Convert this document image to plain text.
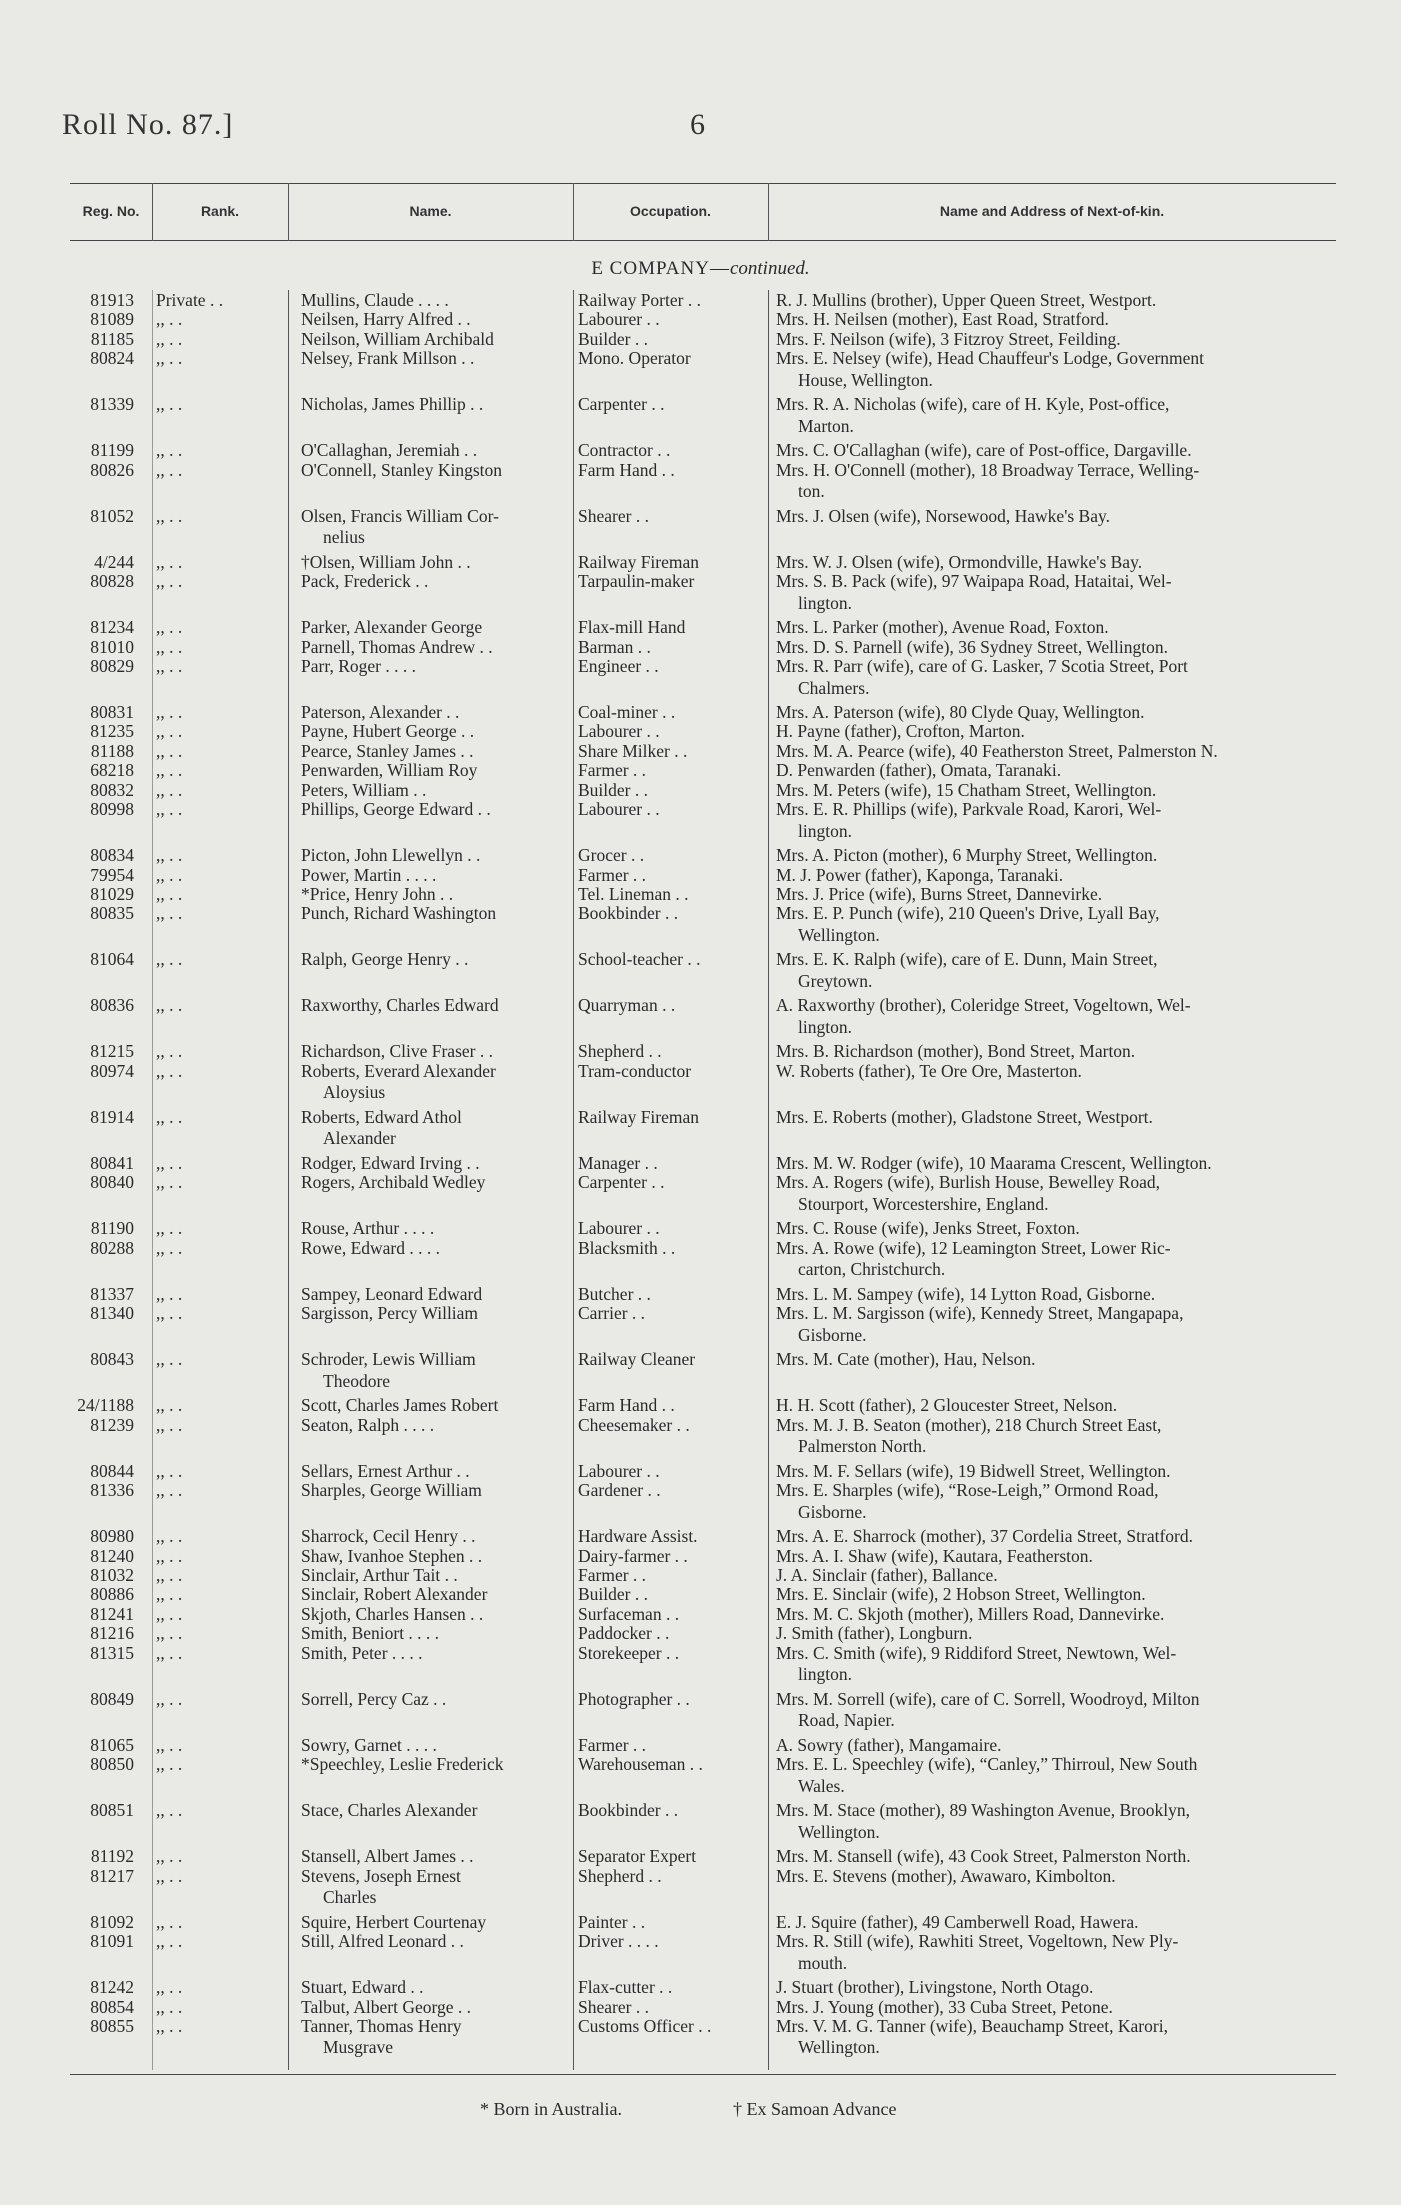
Roll No. 87.]	6
Reg. No.	Rank.	Name.	Occupation.	Name and Address of Next-of-kin.
E COMPANY—continued.
81913 Private . .	Mullins, Claude . . . .	Railway Porter . .	R. J. Mullins (brother), Upper Queen Street, Westport.
81089 ,, . .	Neilsen, Harry Alfred . .	Labourer . .	Mrs. H. Neilsen (mother), East Road, Stratford.
81185 ,, . .	Neilson, William Archibald	Builder . .	Mrs. F. Neilson (wife), 3 Fitzroy Street, Feilding.
80824 ,, . .	Nelsey, Frank Millson . .	Mono. Operator	Mrs. E. Nelsey (wife), Head Chauffeur's Lodge, Government
House, Wellington.
81339 ,, . .	Nicholas, James Phillip . .	Carpenter . .	Mrs. R. A. Nicholas (wife), care of H. Kyle, Post-office,
Marton.
81199 ,, . .	O'Callaghan, Jeremiah . .	Contractor . .	Mrs. C. O'Callaghan (wife), care of Post-office, Dargaville.
80826 ,, . .	O'Connell, Stanley Kingston	Farm Hand . .	Mrs. H. O'Connell (mother), 18 Broadway Terrace, Welling-
ton.
81052 ,, . .	Olsen, Francis William Cor-
nelius
Shearer . .	Mrs. J. Olsen (wife), Norsewood, Hawke's Bay.
4/244 ,, . .	†Olsen, William John . .	Railway Fireman	Mrs. W. J. Olsen (wife), Ormondville, Hawke's Bay.
80828 ,, . .	Pack, Frederick . .	Tarpaulin-maker	Mrs. S. B. Pack (wife), 97 Waipapa Road, Hataitai, Wel-
lington.
81234 ,, . .	Parker, Alexander George	Flax-mill Hand	Mrs. L. Parker (mother), Avenue Road, Foxton.
81010 ,, . .	Parnell, Thomas Andrew . .	Barman . .	Mrs. D. S. Parnell (wife), 36 Sydney Street, Wellington.
80829 ,, . .	Parr, Roger . . . .	Engineer . .	Mrs. R. Parr (wife), care of G. Lasker, 7 Scotia Street, Port
Chalmers.
80831 ,, . .	Paterson, Alexander . .	Coal-miner . .	Mrs. A. Paterson (wife), 80 Clyde Quay, Wellington.
81235 ,, . .	Payne, Hubert George . .	Labourer . .	H. Payne (father), Crofton, Marton.
81188 ,, . .	Pearce, Stanley James . .	Share Milker . .	Mrs. M. A. Pearce (wife), 40 Featherston Street, Palmerston N.
68218 ,, . .	Penwarden, William Roy	Farmer . .	D. Penwarden (father), Omata, Taranaki.
80832 ,, . .	Peters, William . .	Builder . .	Mrs. M. Peters (wife), 15 Chatham Street, Wellington.
80998 ,, . .	Phillips, George Edward . .	Labourer . .	Mrs. E. R. Phillips (wife), Parkvale Road, Karori, Wel-
lington.
80834 ,, . .	Picton, John Llewellyn . .	Grocer . .	Mrs. A. Picton (mother), 6 Murphy Street, Wellington.
79954 ,, . .	Power, Martin . . . .	Farmer . .	M. J. Power (father), Kaponga, Taranaki.
81029 ,, . .	*Price, Henry John . .	Tel. Lineman . .	Mrs. J. Price (wife), Burns Street, Dannevirke.
80835 ,, . .	Punch, Richard Washington	Bookbinder . .	Mrs. E. P. Punch (wife), 210 Queen's Drive, Lyall Bay,
Wellington.
81064 ,, . .	Ralph, George Henry . .	School-teacher . .	Mrs. E. K. Ralph (wife), care of E. Dunn, Main Street,
Greytown.
80836 ,, . .	Raxworthy, Charles Edward	Quarryman . .	A. Raxworthy (brother), Coleridge Street, Vogeltown, Wel-
lington.
81215 ,, . .	Richardson, Clive Fraser . .	Shepherd . .	Mrs. B. Richardson (mother), Bond Street, Marton.
80974 ,, . .	Roberts, Everard Alexander
Aloysius
Tram-conductor	W. Roberts (father), Te Ore Ore, Masterton.
81914 ,, . .	Roberts, Edward Athol
Alexander
Railway Fireman	Mrs. E. Roberts (mother), Gladstone Street, Westport.
80841 ,, . .	Rodger, Edward Irving . .	Manager . .	Mrs. M. W. Rodger (wife), 10 Maarama Crescent, Wellington.
80840 ,, . .	Rogers, Archibald Wedley	Carpenter . .	Mrs. A. Rogers (wife), Burlish House, Bewelley Road,
Stourport, Worcestershire, England.
81190 ,, . .	Rouse, Arthur . . . .	Labourer . .	Mrs. C. Rouse (wife), Jenks Street, Foxton.
80288 ,, . .	Rowe, Edward . . . .	Blacksmith . .	Mrs. A. Rowe (wife), 12 Leamington Street, Lower Ric-
carton, Christchurch.
81337 ,, . .	Sampey, Leonard Edward	Butcher . .	Mrs. L. M. Sampey (wife), 14 Lytton Road, Gisborne.
81340 ,, . .	Sargisson, Percy William	Carrier . .	Mrs. L. M. Sargisson (wife), Kennedy Street, Mangapapa,
Gisborne.
80843 ,, . .	Schroder, Lewis William
Theodore
Railway Cleaner	Mrs. M. Cate (mother), Hau, Nelson.
24/1188 ,, . .	Scott, Charles James Robert	Farm Hand . .	H. H. Scott (father), 2 Gloucester Street, Nelson.
81239 ,, . .	Seaton, Ralph . . . .	Cheesemaker . .	Mrs. M. J. B. Seaton (mother), 218 Church Street East,
Palmerston North.
80844 ,, . .	Sellars, Ernest Arthur . .	Labourer . .	Mrs. M. F. Sellars (wife), 19 Bidwell Street, Wellington.
81336 ,, . .	Sharples, George William	Gardener . .	Mrs. E. Sharples (wife), “Rose-Leigh,” Ormond Road,
Gisborne.
80980 ,, . .	Sharrock, Cecil Henry . .	Hardware Assist.	Mrs. A. E. Sharrock (mother), 37 Cordelia Street, Stratford.
81240 ,, . .	Shaw, Ivanhoe Stephen . .	Dairy-farmer . .	Mrs. A. I. Shaw (wife), Kautara, Featherston.
81032 ,, . .	Sinclair, Arthur Tait . .	Farmer . .	J. A. Sinclair (father), Ballance.
80886 ,, . .	Sinclair, Robert Alexander	Builder . .	Mrs. E. Sinclair (wife), 2 Hobson Street, Wellington.
81241 ,, . .	Skjoth, Charles Hansen . .	Surfaceman . .	Mrs. M. C. Skjoth (mother), Millers Road, Dannevirke.
81216 ,, . .	Smith, Beniort . . . .	Paddocker . .	J. Smith (father), Longburn.
81315 ,, . .	Smith, Peter . . . .	Storekeeper . .	Mrs. C. Smith (wife), 9 Riddiford Street, Newtown, Wel-
lington.
80849 ,, . .	Sorrell, Percy Caz . .	Photographer . .	Mrs. M. Sorrell (wife), care of C. Sorrell, Woodroyd, Milton
Road, Napier.
81065 ,, . .	Sowry, Garnet . . . .	Farmer . .	A. Sowry (father), Mangamaire.
80850 ,, . .	*Speechley, Leslie Frederick	Warehouseman . .	Mrs. E. L. Speechley (wife), “Canley,” Thirroul, New South
Wales.
80851 ,, . .	Stace, Charles Alexander	Bookbinder . .	Mrs. M. Stace (mother), 89 Washington Avenue, Brooklyn,
Wellington.
81192 ,, . .	Stansell, Albert James . .	Separator Expert	Mrs. M. Stansell (wife), 43 Cook Street, Palmerston North.
81217 ,, . .	Stevens, Joseph Ernest
Charles
Shepherd . .	Mrs. E. Stevens (mother), Awawaro, Kimbolton.
81092 ,, . .	Squire, Herbert Courtenay	Painter . .	E. J. Squire (father), 49 Camberwell Road, Hawera.
81091 ,, . .	Still, Alfred Leonard . .	Driver . . . .	Mrs. R. Still (wife), Rawhiti Street, Vogeltown, New Ply-
mouth.
81242 ,, . .	Stuart, Edward . .	Flax-cutter . .	J. Stuart (brother), Livingstone, North Otago.
80854 ,, . .	Talbut, Albert George . .	Shearer . .	Mrs. J. Young (mother), 33 Cuba Street, Petone.
80855 ,, . .	Tanner, Thomas Henry
Musgrave
Customs Officer . .	Mrs. V. M. G. Tanner (wife), Beauchamp Street, Karori,
Wellington.
* Born in Australia.	† Ex Samoan Advance
